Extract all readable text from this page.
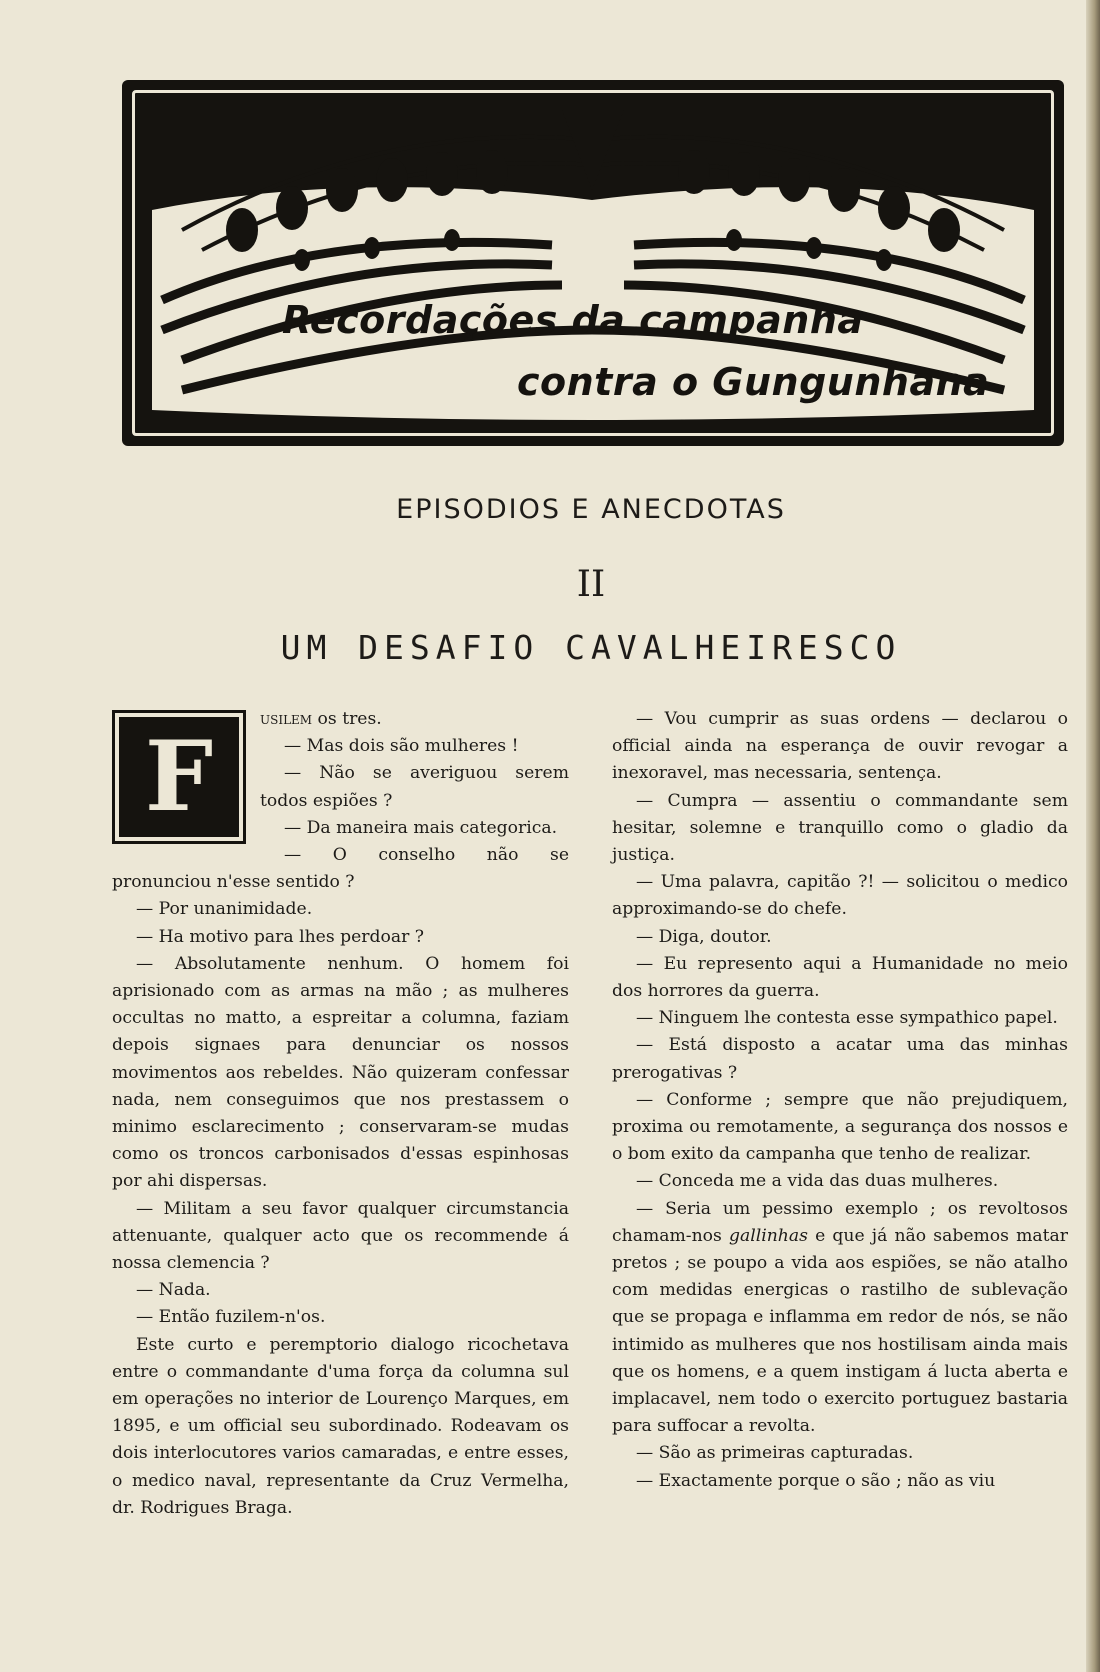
Recordações da campanha
contra o Gungunhana
EPISODIOS E ANECDOTAS
II
UM DESAFIO CAVALHEIRESCO

F
usilem os tres.

— Mas dois são mulheres !

— Não se averiguou serem todos espiões ?

— Da maneira mais categorica.

— O conselho não se pronunciou n'esse sentido ?

— Por unanimidade.

— Ha motivo para lhes perdoar ?

— Absolutamente nenhum. O homem foi aprisionado com as armas na mão ; as mulheres occultas no matto, a espreitar a columna, faziam depois signaes para denunciar os nossos movimentos aos rebeldes. Não quizeram confessar nada, nem conseguimos que nos prestassem o minimo esclarecimento ; conservaram-se mudas como os troncos carbonisados d'essas espinhosas por ahi dispersas.

— Militam a seu favor qualquer circumstancia attenuante, qualquer acto que os recommende á nossa clemencia ?

— Nada.

— Então fuzilem-n'os.

Este curto e peremptorio dialogo ricochetava entre o commandante d'uma força da columna sul em operações no interior de Lourenço Marques, em 1895, e um official seu subordinado. Rodeavam os dois interlocutores varios camaradas, e entre esses, o medico naval, representante da Cruz Vermelha, dr. Rodrigues Braga.

— Vou cumprir as suas ordens — declarou o official ainda na esperança de ouvir revogar a inexoravel, mas necessaria, sentença.

— Cumpra — assentiu o commandante sem hesitar, solemne e tranquillo como o gladio da justiça.

— Uma palavra, capitão ?! — solicitou o medico approximando-se do chefe.

— Diga, doutor.

— Eu represento aqui a Humanidade no meio dos horrores da guerra.

— Ninguem lhe contesta esse sympathico papel.

— Está disposto a acatar uma das minhas prerogativas ?

— Conforme ; sempre que não prejudiquem, proxima ou remotamente, a segurança dos nossos e o bom exito da campanha que tenho de realizar.

— Conceda me a vida das duas mulheres.

— Seria um pessimo exemplo ; os revoltosos chamam-nos gallinhas e que já não sabemos matar pretos ; se poupo a vida aos espiões, se não atalho com medidas energicas o rastilho de sublevação que se propaga e inflamma em redor de nós, se não intimido as mulheres que nos hostilisam ainda mais que os homens, e a quem instigam á lucta aberta e implacavel, nem todo o exercito portuguez bastaria para suffocar a revolta.

— São as primeiras capturadas.

— Exactamente porque o são ; não as viu
